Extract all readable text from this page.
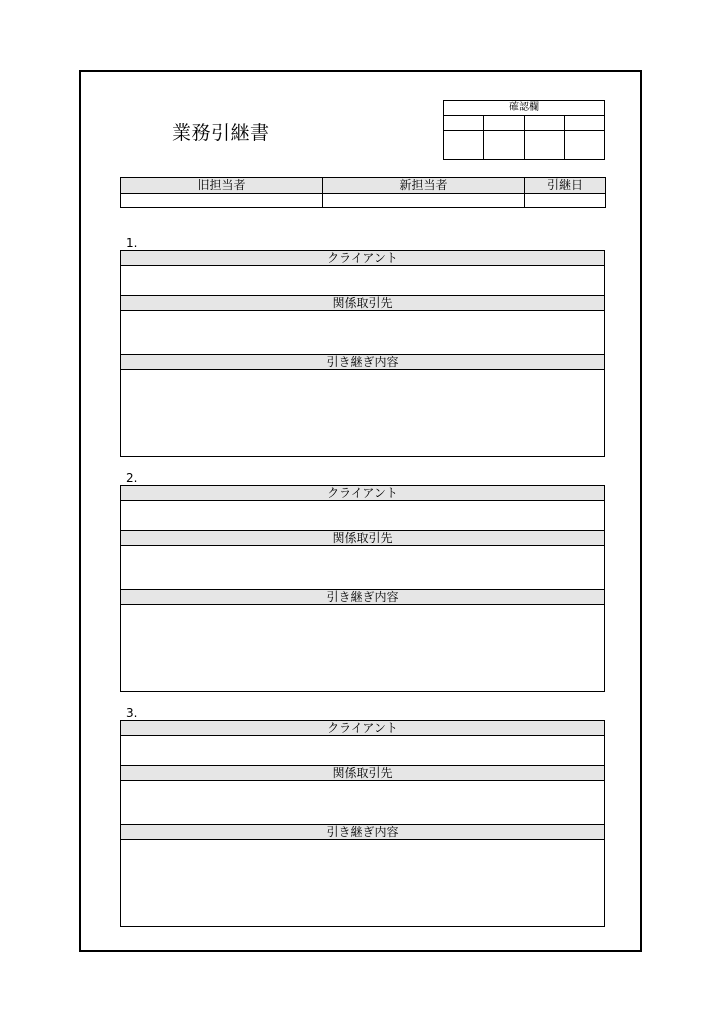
業務引継書
確認欄			

旧担当者	新担当者	引継日

1.
クライアント
関係取引先
引き継ぎ内容
2.
クライアント
関係取引先
引き継ぎ内容
3.
クライアント
関係取引先
引き継ぎ内容
